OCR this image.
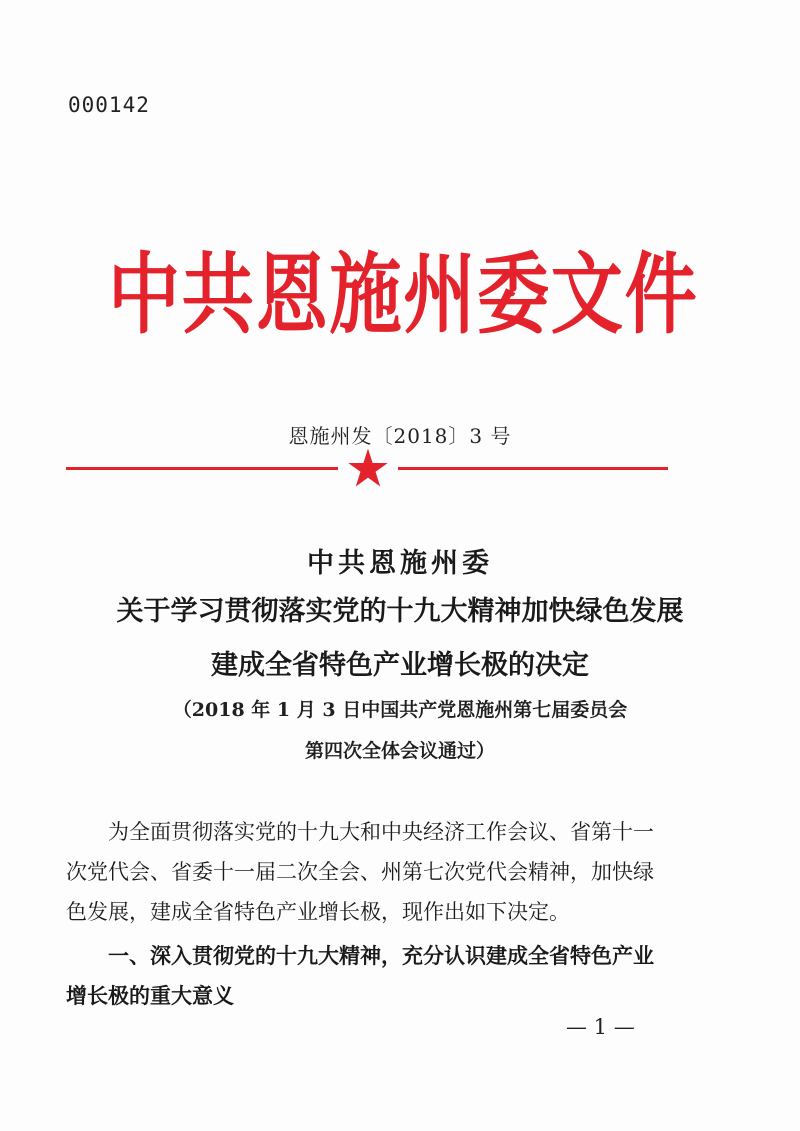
000142
中共恩施州委文件
恩施州发〔2018〕3 号
中共恩施州委
关于学习贯彻落实党的十九大精神加快绿色发展
建成全省特色产业增长极的决定
（2018 年 1 月 3 日中国共产党恩施州第七届委员会
第四次全体会议通过）
　　为全面贯彻落实党的十九大和中央经济工作会议、省第十一
次党代会、省委十一届二次全会、州第七次党代会精神，加快绿
色发展，建成全省特色产业增长极，现作出如下决定。
　　一、深入贯彻党的十九大精神，充分认识建成全省特色产业
增长极的重大意义
— 1 —
